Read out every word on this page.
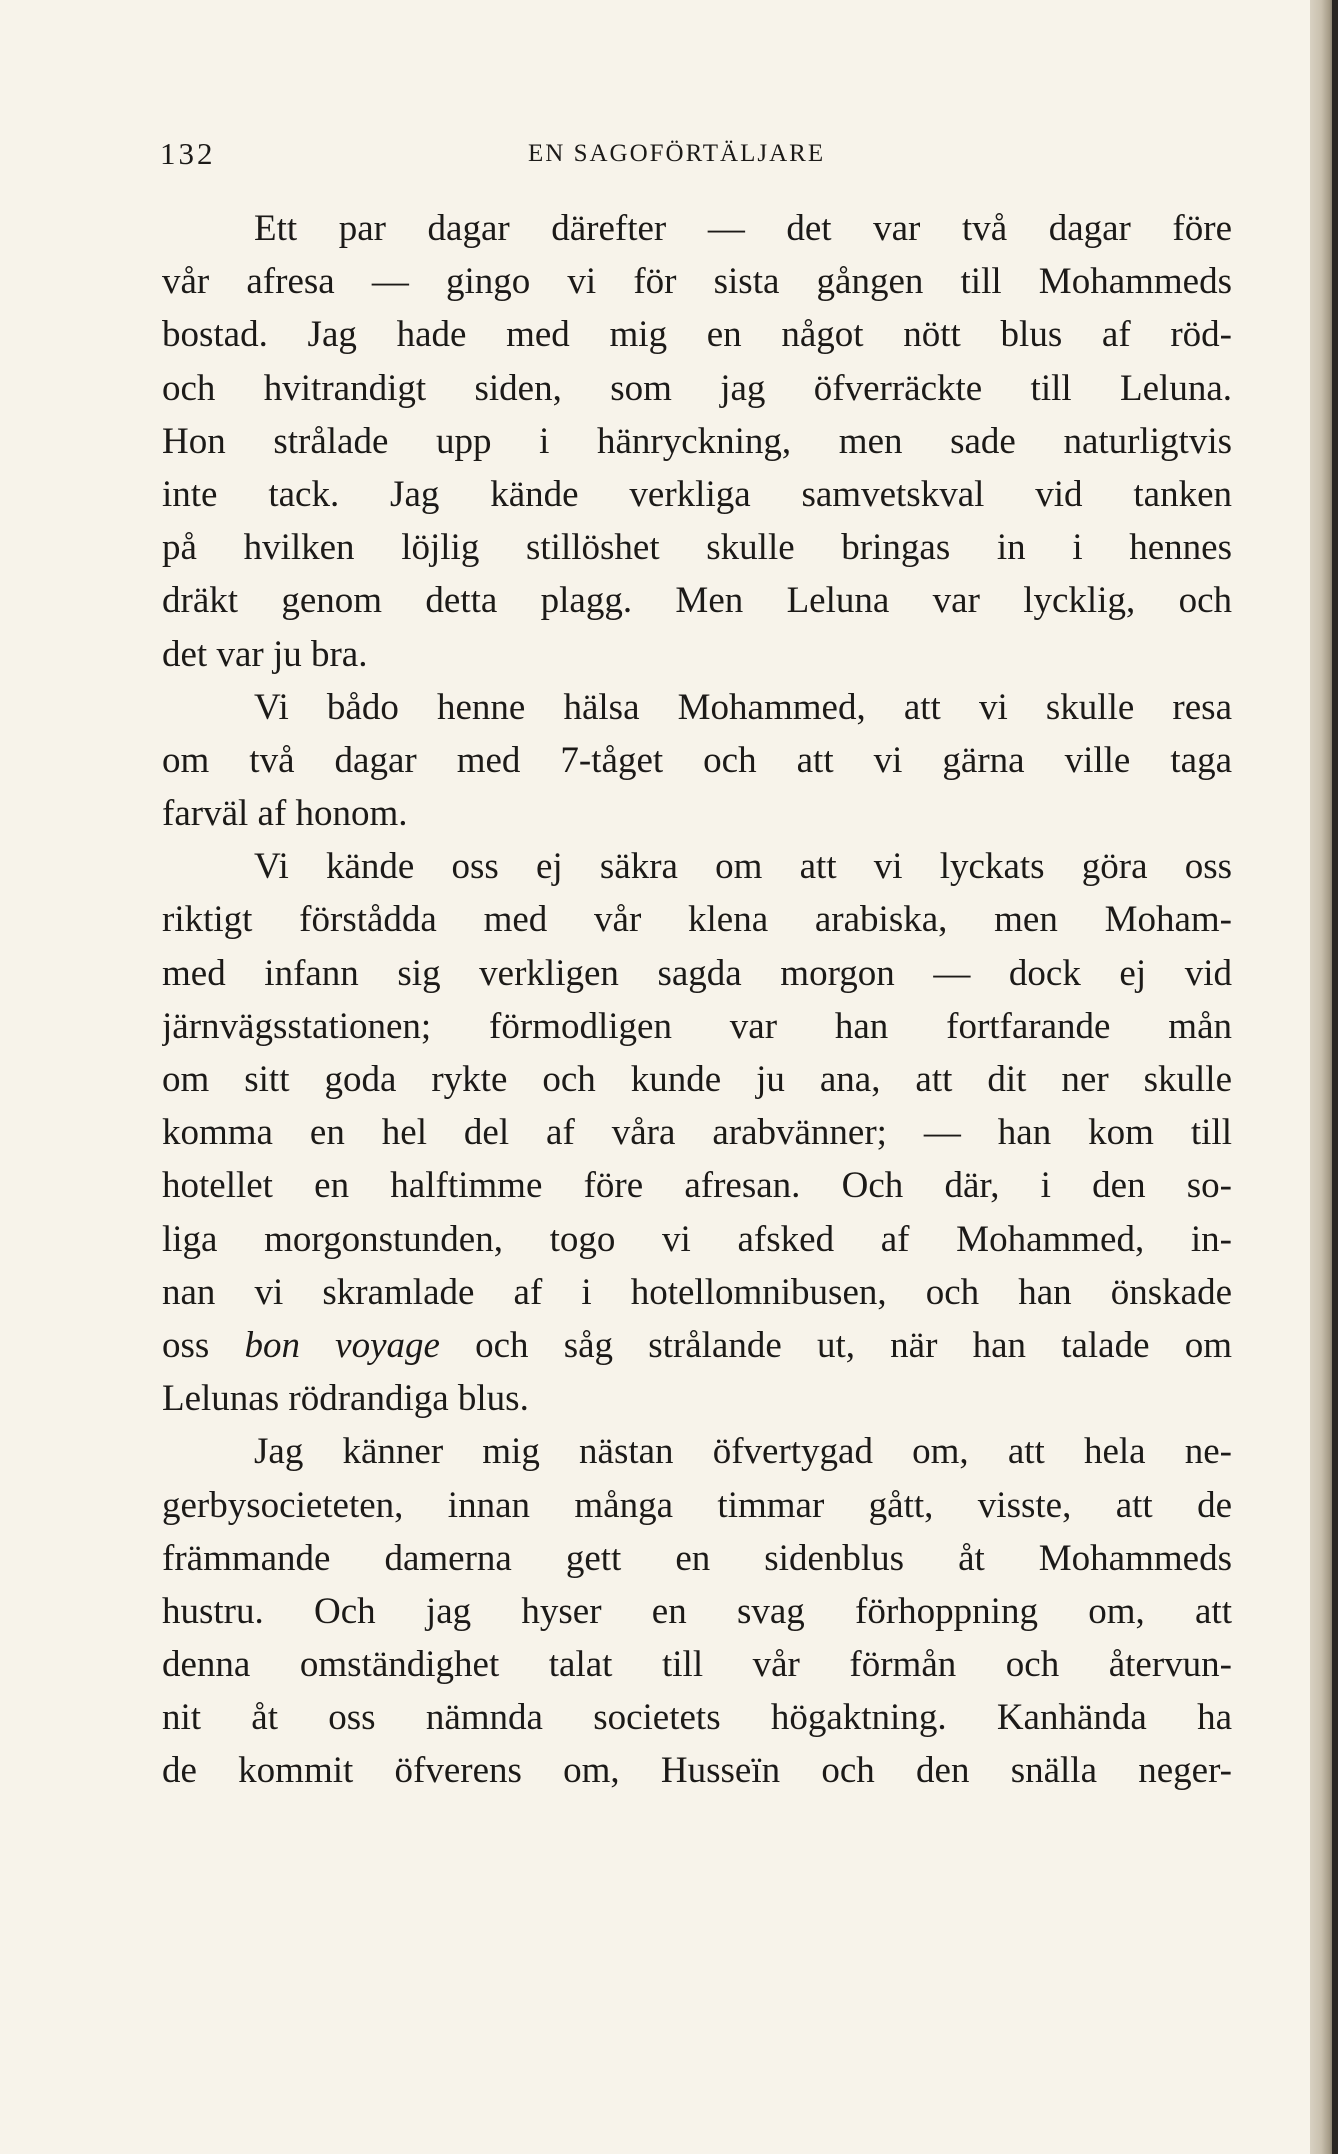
132	EN SAGOFÖRTÄLJARE
Ett par dagar därefter — det var två dagar före
vår afresa — gingo vi för sista gången till Mohammeds
bostad. Jag hade med mig en något nött blus af röd-
och hvitrandigt siden, som jag öfverräckte till Leluna.
Hon strålade upp i hänryckning, men sade naturligtvis
inte tack. Jag kände verkliga samvetskval vid tanken
på hvilken löjlig stillöshet skulle bringas in i hennes
dräkt genom detta plagg. Men Leluna var lycklig, och
det var ju bra.
Vi bådo henne hälsa Mohammed, att vi skulle resa
om två dagar med 7-tåget och att vi gärna ville taga
farväl af honom.
Vi kände oss ej säkra om att vi lyckats göra oss
riktigt förstådda med vår klena arabiska, men Moham-
med infann sig verkligen sagda morgon — dock ej vid
järnvägsstationen; förmodligen var han fortfarande mån
om sitt goda rykte och kunde ju ana, att dit ner skulle
komma en hel del af våra arabvänner; — han kom till
hotellet en halftimme före afresan. Och där, i den so-
liga morgonstunden, togo vi afsked af Mohammed, in-
nan vi skramlade af i hotellomnibusen, och han önskade
oss bon voyage och såg strålande ut, när han talade om
Lelunas rödrandiga blus.
Jag känner mig nästan öfvertygad om, att hela ne-
gerbysocieteten, innan många timmar gått, visste, att de
främmande damerna gett en sidenblus åt Mohammeds
hustru. Och jag hyser en svag förhoppning om, att
denna omständighet talat till vår förmån och återvun-
nit åt oss nämnda societets högaktning. Kanhända ha
de kommit öfverens om, Husseïn och den snälla neger-
